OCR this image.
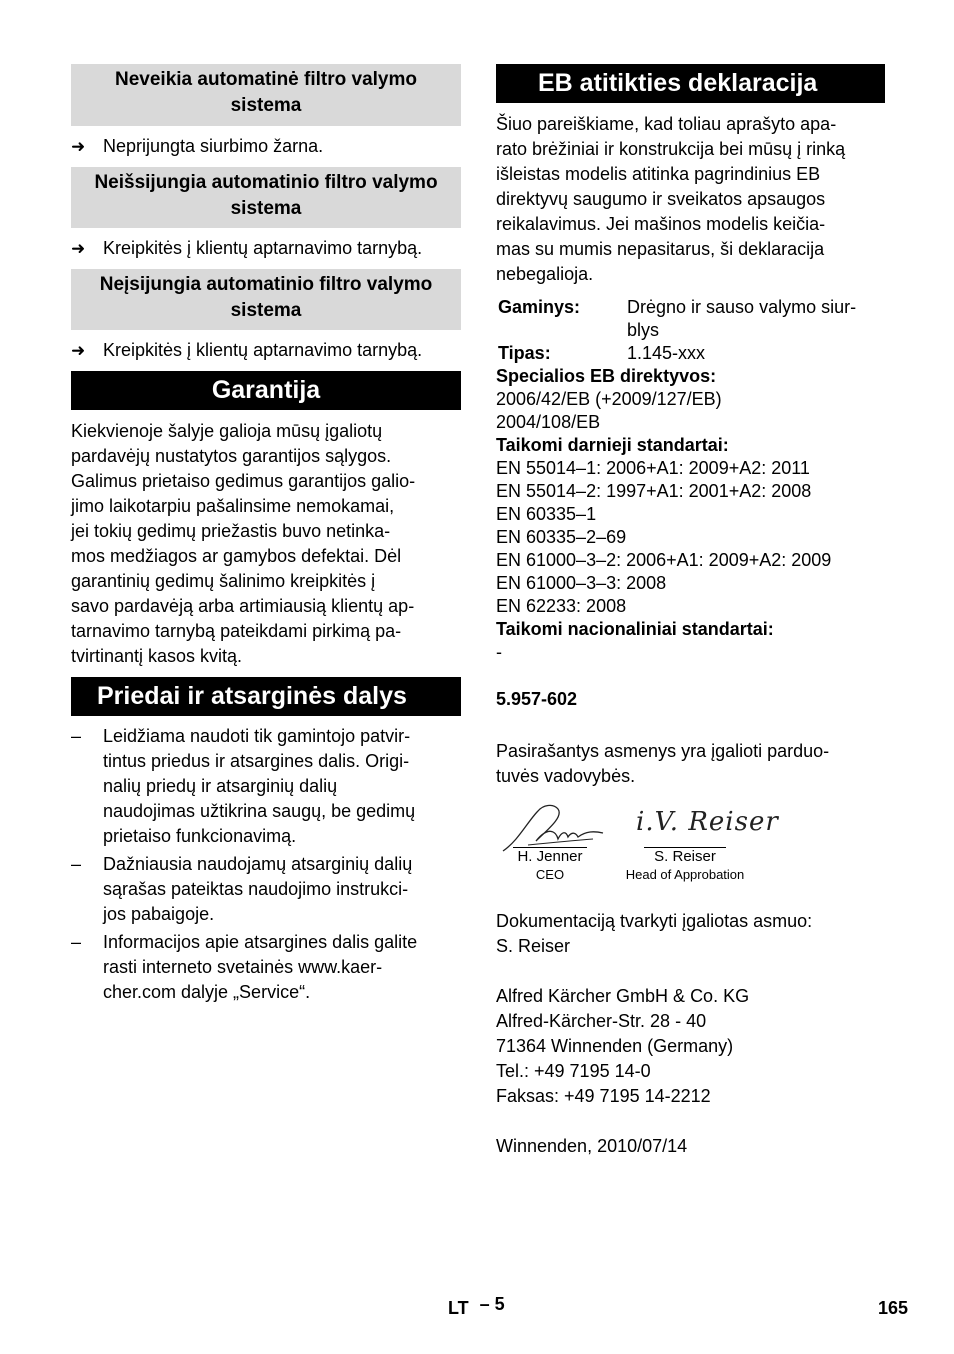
Neveikia automatinė filtro valymo sistema
➜ Neprijungta siurbimo žarna.
Neišsijungia automatinio filtro valymo sistema
➜ Kreipkitės į klientų aptarnavimo tarnybą.
Neįsijungia automatinio filtro valymo sistema
➜ Kreipkitės į klientų aptarnavimo tarnybą.
Garantija

Kiekvienoje šalyje galioja mūsų įgaliotų

pardavėjų nustatytos garantijos sąlygos.

Galimus prietaiso gedimus garantijos galio-

jimo laikotarpiu pašalinsime nemokamai,

jei tokių gedimų priežastis buvo netinka-

mos medžiagos ar gamybos defektai. Dėl

garantinių gedimų šalinimo kreipkitės į

savo pardavėją arba artimiausią klientų ap-

tarnavimo tarnybą pateikdami pirkimą pa-

tvirtinantį kasos kvitą.

Priedai ir atsarginės dalys
–	Leidžiama naudoti tik gamintojo patvir-
tintus priedus ir atsargines dalis. Origi-
nalių priedų ir atsarginių dalių
naudojimas užtikrina saugų, be gedimų
prietaiso funkcionavimą.
–	Dažniausia naudojamų atsarginių dalių
sąrašas pateiktas naudojimo instrukci-
jos pabaigoje.
–	Informacijos apie atsargines dalis galite
rasti interneto svetainės www.kaer-
cher.com dalyje „Service“.
EB atitikties deklaracija

Šiuo pareiškiame, kad toliau aprašyto apa-

rato brėžiniai ir konstrukcija bei mūsų į rinką

išleistas modelis atitinka pagrindinius EB

direktyvų saugumo ir sveikatos apsaugos

reikalavimus. Jei mašinos modelis keičia-

mas su mumis nepasitarus, ši deklaracija

nebegalioja.

Gaminys:	Drėgno ir sauso valymo siur-
blys
Tipas:	1.145-xxx
Specialios EB direktyvos:
2006/42/EB (+2009/127/EB)
2004/108/EB
Taikomi darnieji standartai:
EN 55014–1: 2006+A1: 2009+A2: 2011
EN 55014–2: 1997+A1: 2001+A2: 2008
EN 60335–1
EN 60335–2–69
EN 61000–3–2: 2006+A1: 2009+A2: 2009
EN 61000–3–3: 2008
EN 62233: 2008
Taikomi nacionaliniai standartai:
-
5.957-602

Pasirašantys asmenys yra įgalioti parduo-

tuvės vadovybės.

H. Jenner
CEO
i.V. Reiser
S. Reiser
Head of Approbation

Dokumentaciją tvarkyti įgaliotas asmuo:

S. Reiser

Alfred Kärcher GmbH & Co. KG

Alfred-Kärcher-Str. 28 - 40

71364 Winnenden (Germany)

Tel.: +49 7195 14-0

Faksas: +49 7195 14-2212

Winnenden, 2010/07/14

LT – 5	165
